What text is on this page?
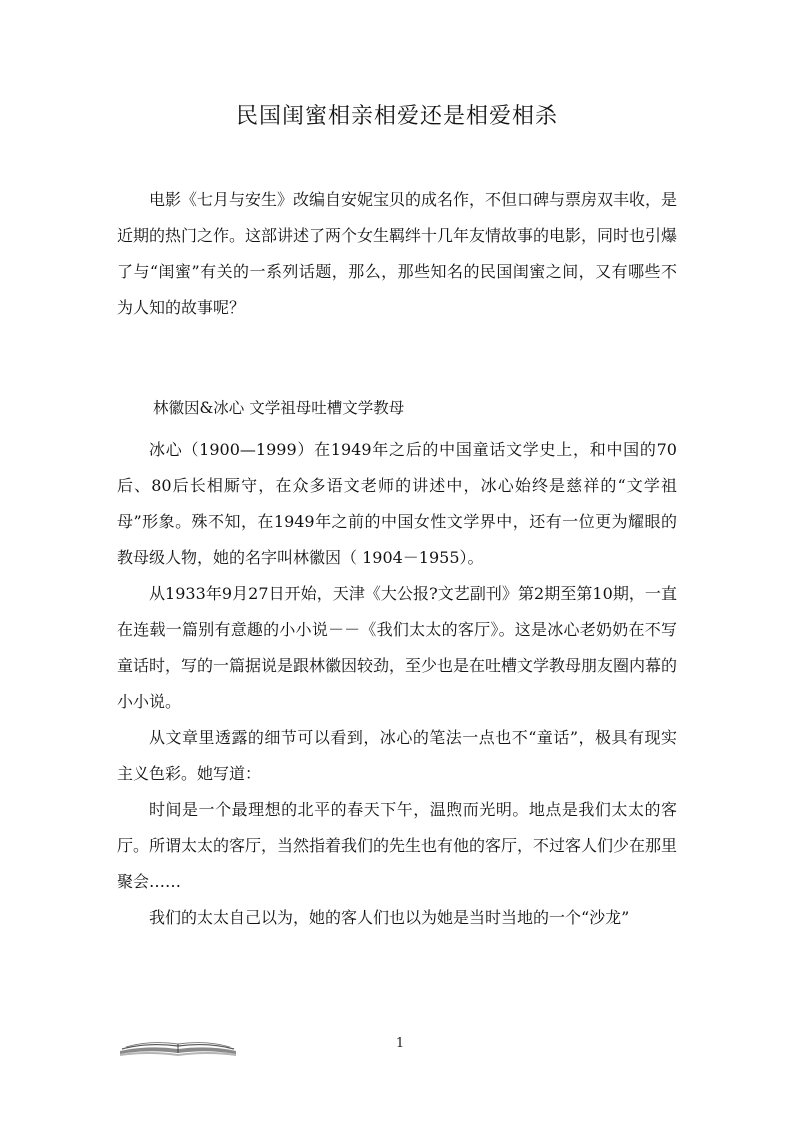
民国闺蜜相亲相爱还是相爱相杀

电影《七月与安生》改编自安妮宝贝的成名作，不但口碑与票房双丰收，是近期的热门之作。这部讲述了两个女生羁绊十几年友情故事的电影，同时也引爆了与“闺蜜”有关的一系列话题，那么，那些知名的民国闺蜜之间，又有哪些不为人知的故事呢？

林徽因&冰心 文学祖母吐槽文学教母

冰心（1900—1999）在1949年之后的中国童话文学史上，和中国的70后、80后长相厮守，在众多语文老师的讲述中，冰心始终是慈祥的“文学祖母”形象。殊不知，在1949年之前的中国女性文学界中，还有一位更为耀眼的教母级人物，她的名字叫林徽因（ 1904－1955）。

从1933年9月27日开始，天津《大公报?文艺副刊》第2期至第10期，一直在连载一篇别有意趣的小小说－－《我们太太的客厅》。这是冰心老奶奶在不写童话时，写的一篇据说是跟林徽因较劲，至少也是在吐槽文学教母朋友圈内幕的小小说。

从文章里透露的细节可以看到，冰心的笔法一点也不“童话”，极具有现实主义色彩。她写道：

时间是一个最理想的北平的春天下午，温煦而光明。地点是我们太太的客厅。所谓太太的客厅，当然指着我们的先生也有他的客厅，不过客人们少在那里聚会……

我们的太太自己以为，她的客人们也以为她是当时当地的一个“沙龙”

1
